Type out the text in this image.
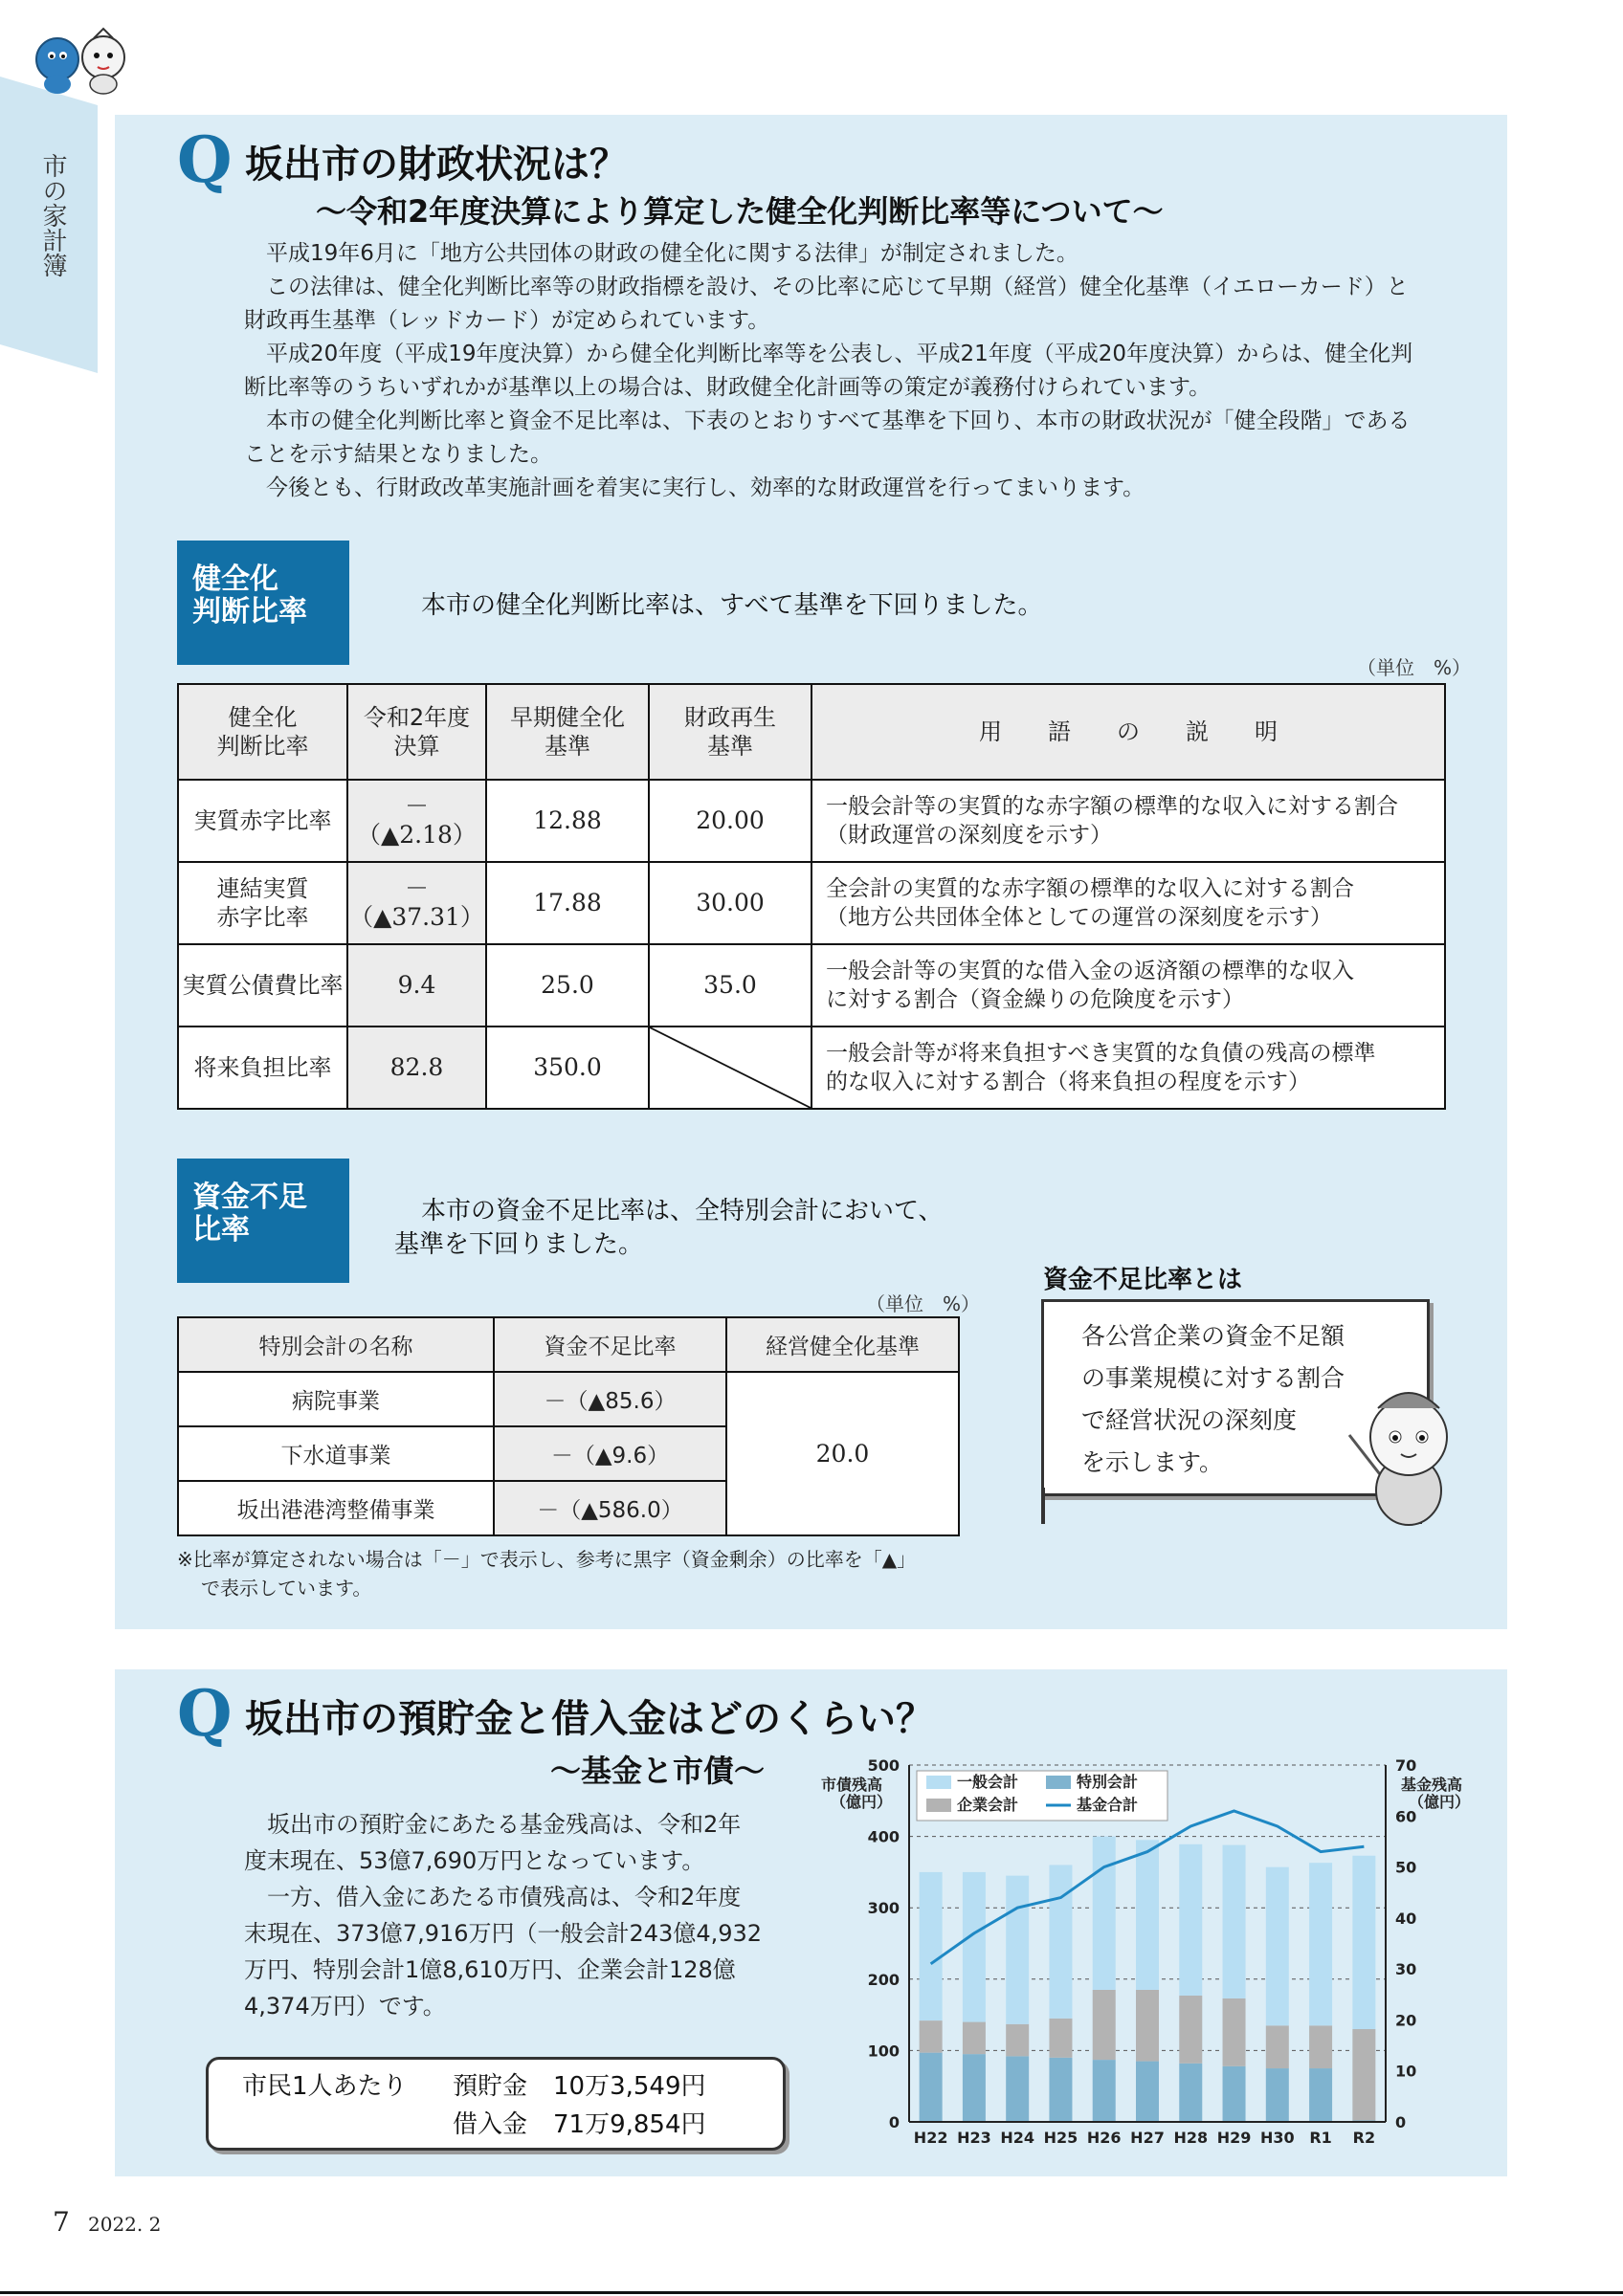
市の家計簿 Q 坂出市の財政状況は？
～令和2年度決算により算定した健全化判断比率等について～

平成19年6月に「地方公共団体の財政の健全化に関する法律」が制定されました。

この法律は、健全化判断比率等の財政指標を設け、その比率に応じて早期（経営）健全化基準（イエローカード）と財政再生基準（レッドカード）が定められています。

平成20年度（平成19年度決算）から健全化判断比率等を公表し、平成21年度（平成20年度決算）からは、健全化判断比率等のうちいずれかが基準以上の場合は、財政健全化計画等の策定が義務付けられています。

本市の健全化判断比率と資金不足比率は、下表のとおりすべて基準を下回り、本市の財政状況が「健全段階」であることを示す結果となりました。

今後とも、行財政改革実施計画を着実に実行し、効率的な財政運営を行ってまいります。

健全化
判断比率	本市の健全化判断比率は、すべて基準を下回りました。
（単位　%）
健全化
判断比率	令和2年度
決算	早期健全化
基準	財政再生
基準	用　　語　　の　　説　　明
実質赤字比率	－
（▲2.18）	12.88	20.00	一般会計等の実質的な赤字額の標準的な収入に対する割合
（財政運営の深刻度を示す）
連結実質
赤字比率	－
（▲37.31）	17.88	30.00	全会計の実質的な赤字額の標準的な収入に対する割合
（地方公共団体全体としての運営の深刻度を示す）
実質公債費比率	9.4	25.0	35.0	一般会計等の実質的な借入金の返済額の標準的な収入
に対する割合（資金繰りの危険度を示す）
将来負担比率	82.8	350.0		一般会計等が将来負担すべき実質的な負債の残高の標準
的な収入に対する割合（将来負担の程度を示す）
資金不足
比率
本市の資金不足比率は、全特別会計において、
基準を下回りました。
（単位　%）
特別会計の名称	資金不足比率	経営健全化基準
病院事業	－（▲85.6）	20.0
下水道事業	－（▲9.6）	
坂出港港湾整備事業	－（▲586.0）	
※比率が算定されない場合は「－」で表示し、参考に黒字（資金剰余）の比率を「▲」
で表示しています。
資金不足比率とは
各公営企業の資金不足額
の事業規模に対する割合
で経営状況の深刻度
を示します。
Q 坂出市の預貯金と借入金はどのくらい？
～基金と市債～
坂出市の預貯金にあたる基金残高は、令和2年
度末現在、53億7,690万円となっています。
一方、借入金にあたる市債残高は、令和2年度
末現在、373億7,916万円（一般会計243億4,932
万円、特別会計1億8,610万円、企業会計128億
4,374万円）です。
市民1人あたり 預貯金 10万3,549円
借入金 71万9,854円
市債残高
（億円）
基金残高
（億円）
0
100
200
300
400
500
0
10
20
30
40
50
60
70
H22 H23 H24 H25 H26 H27 H28 H29 H30 R1 R2
一般会計	特別会計
企業会計	基金合計
7 2022. 2
